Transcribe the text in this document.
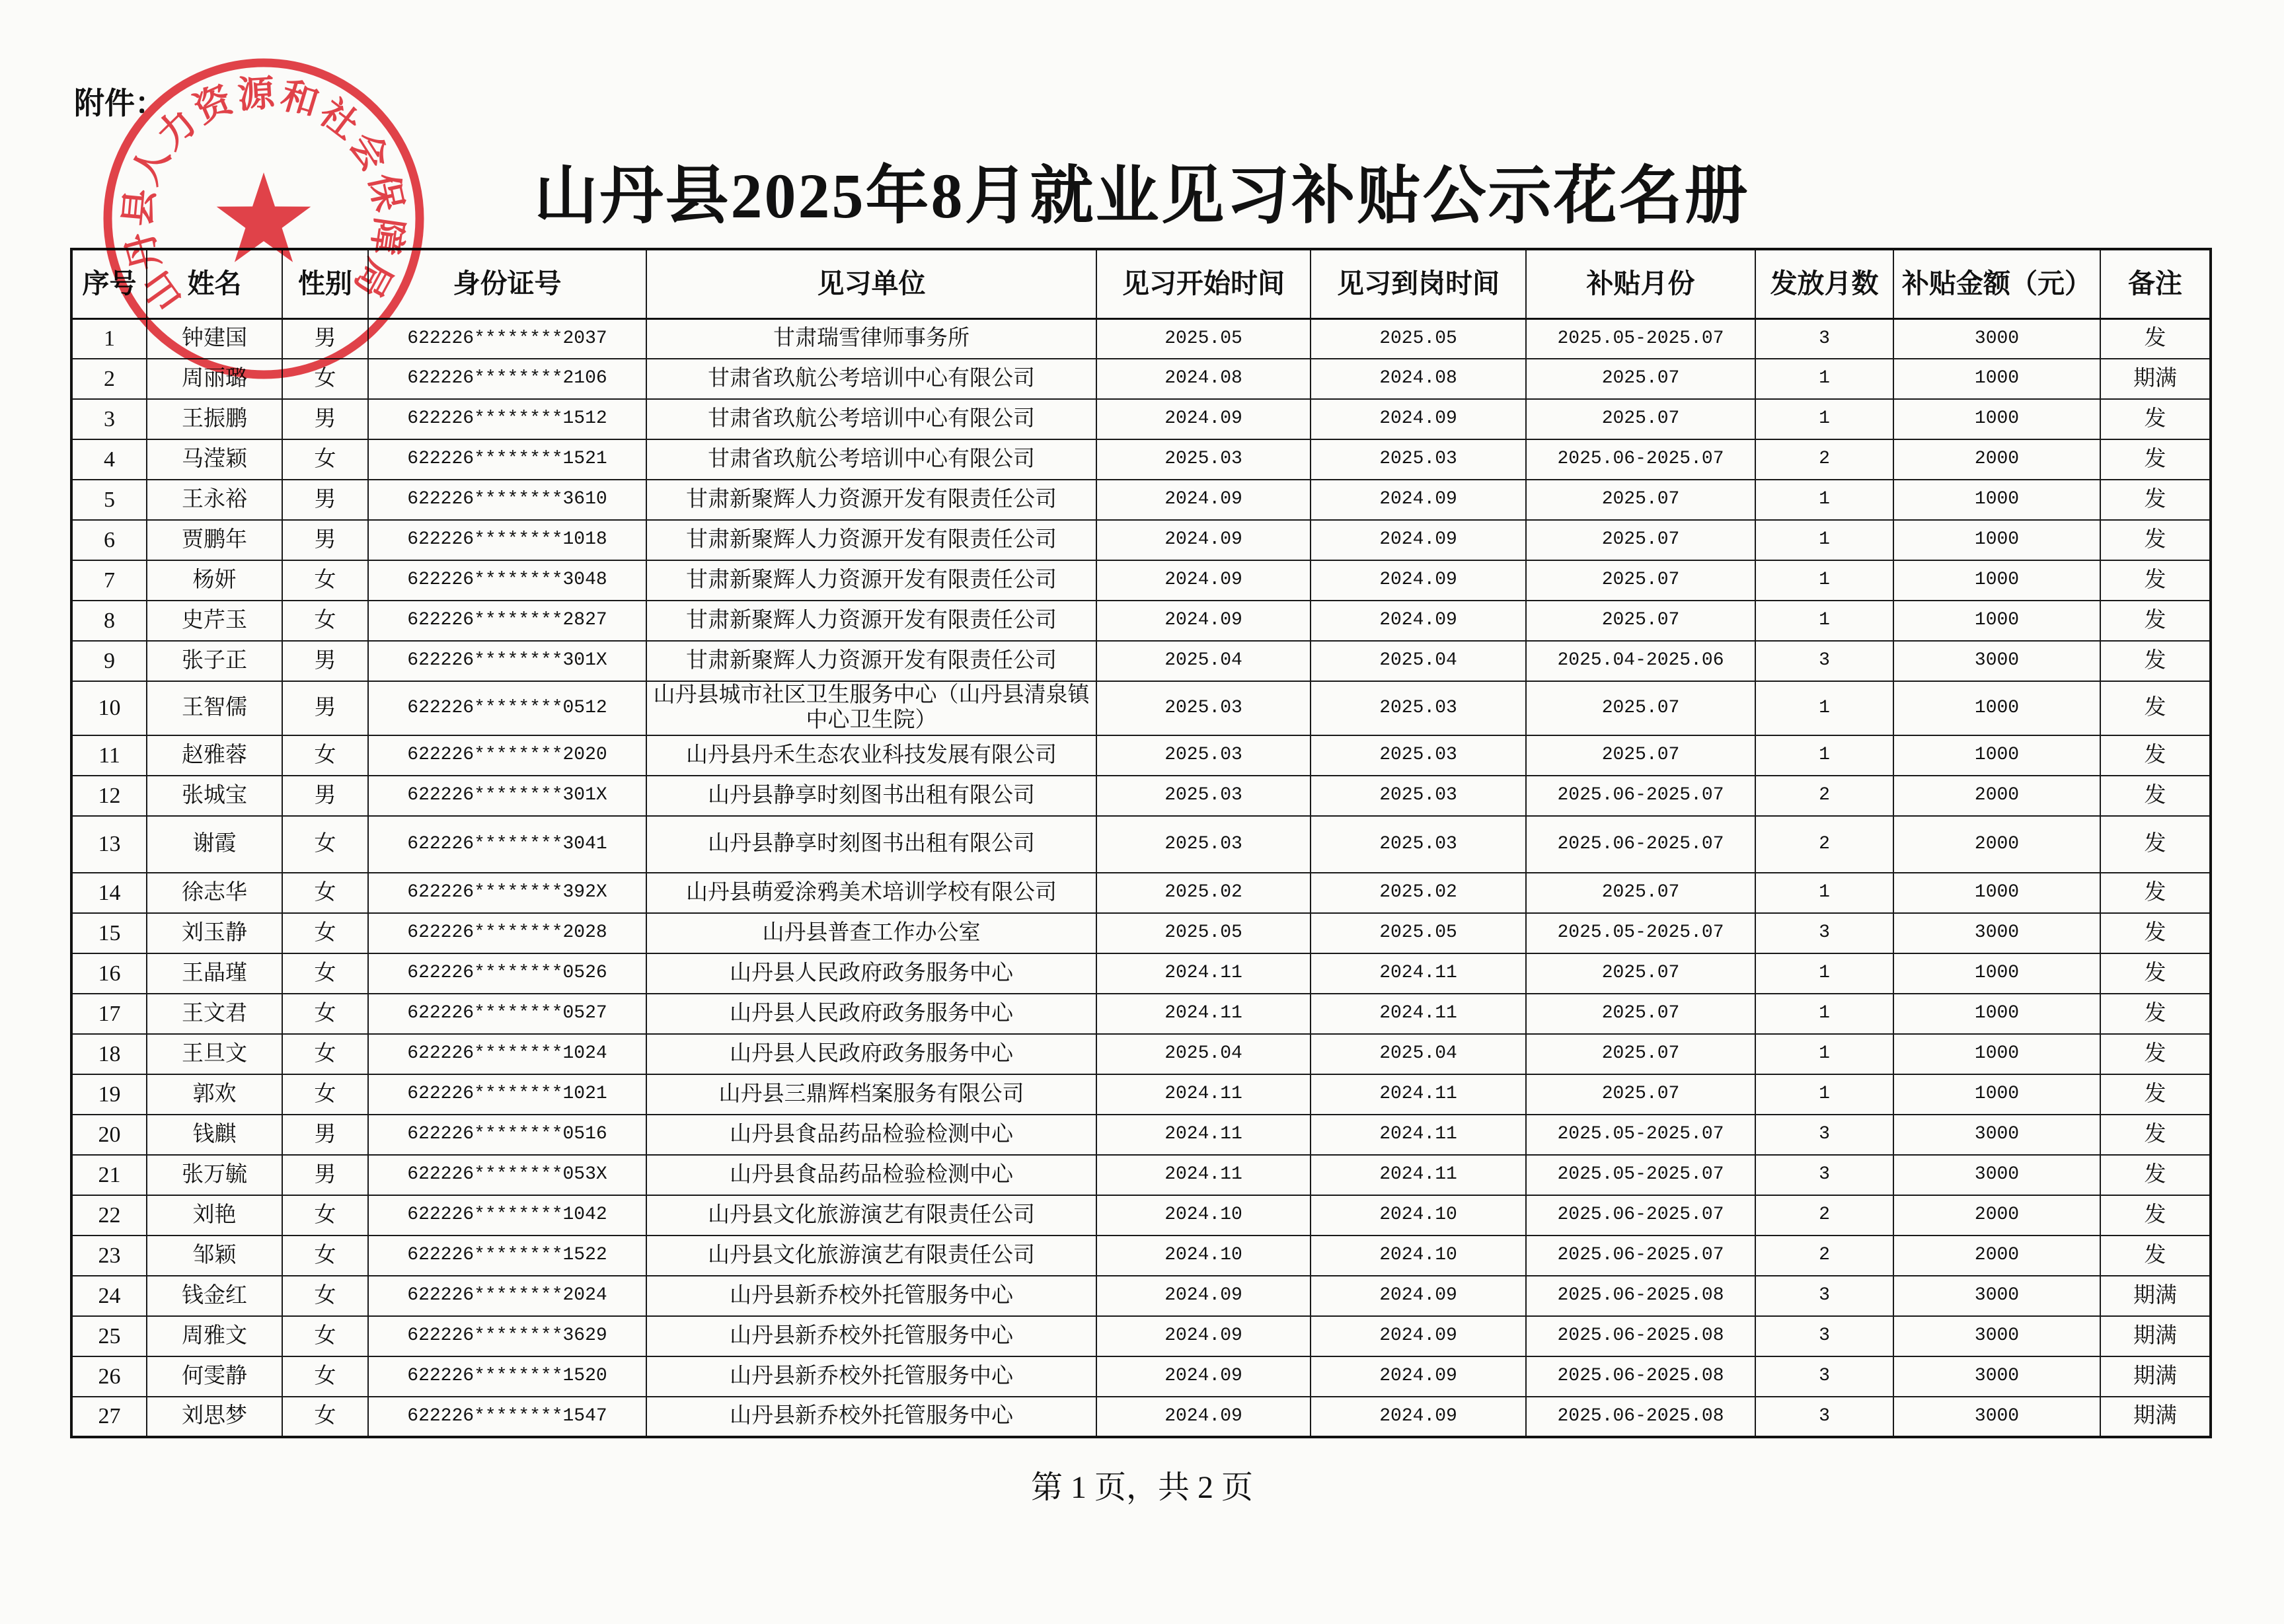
附件：
山丹县2025年8月就业见习补贴公示花名册
序号	姓名	性别	身份证号	见习单位	见习开始时间	见习到岗时间	补贴月份	发放月数	补贴金额（元）	备注
1	钟建国	男	622226********2037	甘肃瑞雪律师事务所	2025.05	2025.05	2025.05-2025.07	3	3000	发
2	周丽璐	女	622226********2106	甘肃省玖航公考培训中心有限公司	2024.08	2024.08	2025.07	1	1000	期满
3	王振鹏	男	622226********1512	甘肃省玖航公考培训中心有限公司	2024.09	2024.09	2025.07	1	1000	发
4	马滢颖	女	622226********1521	甘肃省玖航公考培训中心有限公司	2025.03	2025.03	2025.06-2025.07	2	2000	发
5	王永裕	男	622226********3610	甘肃新聚辉人力资源开发有限责任公司	2024.09	2024.09	2025.07	1	1000	发
6	贾鹏年	男	622226********1018	甘肃新聚辉人力资源开发有限责任公司	2024.09	2024.09	2025.07	1	1000	发
7	杨妍	女	622226********3048	甘肃新聚辉人力资源开发有限责任公司	2024.09	2024.09	2025.07	1	1000	发
8	史芹玉	女	622226********2827	甘肃新聚辉人力资源开发有限责任公司	2024.09	2024.09	2025.07	1	1000	发
9	张子正	男	622226********301X	甘肃新聚辉人力资源开发有限责任公司	2025.04	2025.04	2025.04-2025.06	3	3000	发
10	王智儒	男	622226********0512	山丹县城市社区卫生服务中心（山丹县清泉镇中心卫生院）	2025.03	2025.03	2025.07	1	1000	发
11	赵雅蓉	女	622226********2020	山丹县丹禾生态农业科技发展有限公司	2025.03	2025.03	2025.07	1	1000	发
12	张城宝	男	622226********301X	山丹县静享时刻图书出租有限公司	2025.03	2025.03	2025.06-2025.07	2	2000	发
13	谢霞	女	622226********3041	山丹县静享时刻图书出租有限公司	2025.03	2025.03	2025.06-2025.07	2	2000	发
14	徐志华	女	622226********392X	山丹县萌爱涂鸦美术培训学校有限公司	2025.02	2025.02	2025.07	1	1000	发
15	刘玉静	女	622226********2028	山丹县普查工作办公室	2025.05	2025.05	2025.05-2025.07	3	3000	发
16	王晶瑾	女	622226********0526	山丹县人民政府政务服务中心	2024.11	2024.11	2025.07	1	1000	发
17	王文君	女	622226********0527	山丹县人民政府政务服务中心	2024.11	2024.11	2025.07	1	1000	发
18	王旦文	女	622226********1024	山丹县人民政府政务服务中心	2025.04	2025.04	2025.07	1	1000	发
19	郭欢	女	622226********1021	山丹县三鼎辉档案服务有限公司	2024.11	2024.11	2025.07	1	1000	发
20	钱麒	男	622226********0516	山丹县食品药品检验检测中心	2024.11	2024.11	2025.05-2025.07	3	3000	发
21	张万毓	男	622226********053X	山丹县食品药品检验检测中心	2024.11	2024.11	2025.05-2025.07	3	3000	发
22	刘艳	女	622226********1042	山丹县文化旅游演艺有限责任公司	2024.10	2024.10	2025.06-2025.07	2	2000	发
23	邹颖	女	622226********1522	山丹县文化旅游演艺有限责任公司	2024.10	2024.10	2025.06-2025.07	2	2000	发
24	钱金红	女	622226********2024	山丹县新乔校外托管服务中心	2024.09	2024.09	2025.06-2025.08	3	3000	期满
25	周雅文	女	622226********3629	山丹县新乔校外托管服务中心	2024.09	2024.09	2025.06-2025.08	3	3000	期满
26	何雯静	女	622226********1520	山丹县新乔校外托管服务中心	2024.09	2024.09	2025.06-2025.08	3	3000	期满
27	刘思梦	女	622226********1547	山丹县新乔校外托管服务中心	2024.09	2024.09	2025.06-2025.08	3	3000	期满
第 1 页，共 2 页
山丹县人力资源和社会保障局
